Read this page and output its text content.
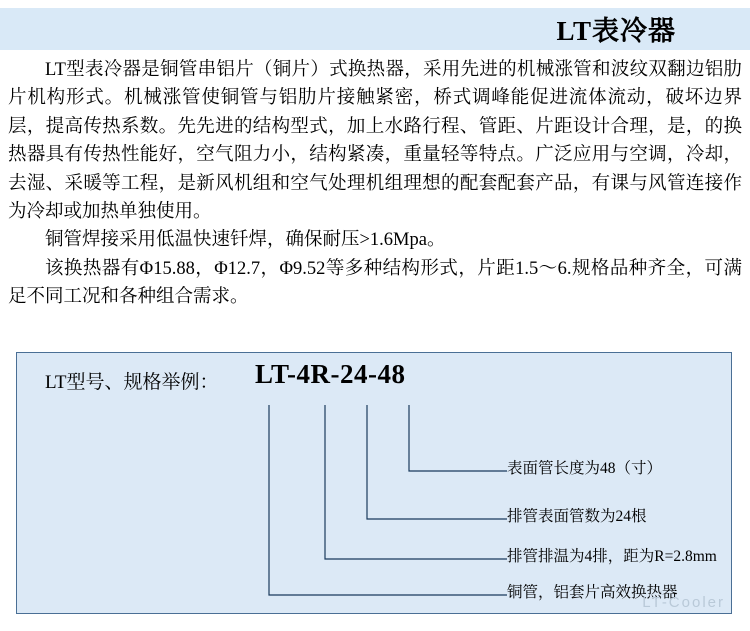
LT表冷器

LT型表冷器是铜管串铝片（铜片）式换热器，采用先进的机械涨管和波纹双翻边铝肋片机构形式。机械涨管使铜管与铝肋片接触紧密，桥式调峰能促进流体流动，破坏边界层，提高传热系数。先先进的结构型式，加上水路行程、管距、片距设计合理，是，的换热器具有传热性能好，空气阻力小，结构紧凑，重量轻等特点。广泛应用与空调，冷却，去湿、采暖等工程，是新风机组和空气处理机组理想的配套配套产品，有课与风管连接作为冷却或加热单独使用。

铜管焊接采用低温快速钎焊，确保耐压>1.6Mpa。

该换热器有Φ15.88，Φ12.7，Φ9.52等多种结构形式，片距1.5～6.规格品种齐全，可满足不同工况和各种组合需求。

LT型号、规格举例： LT-4R-24-48
表面管长度为48（寸）
排管表面管数为24根
排管排温为4排，距为R=2.8mm
铜管，铝套片高效换热器
LT-Cooler
